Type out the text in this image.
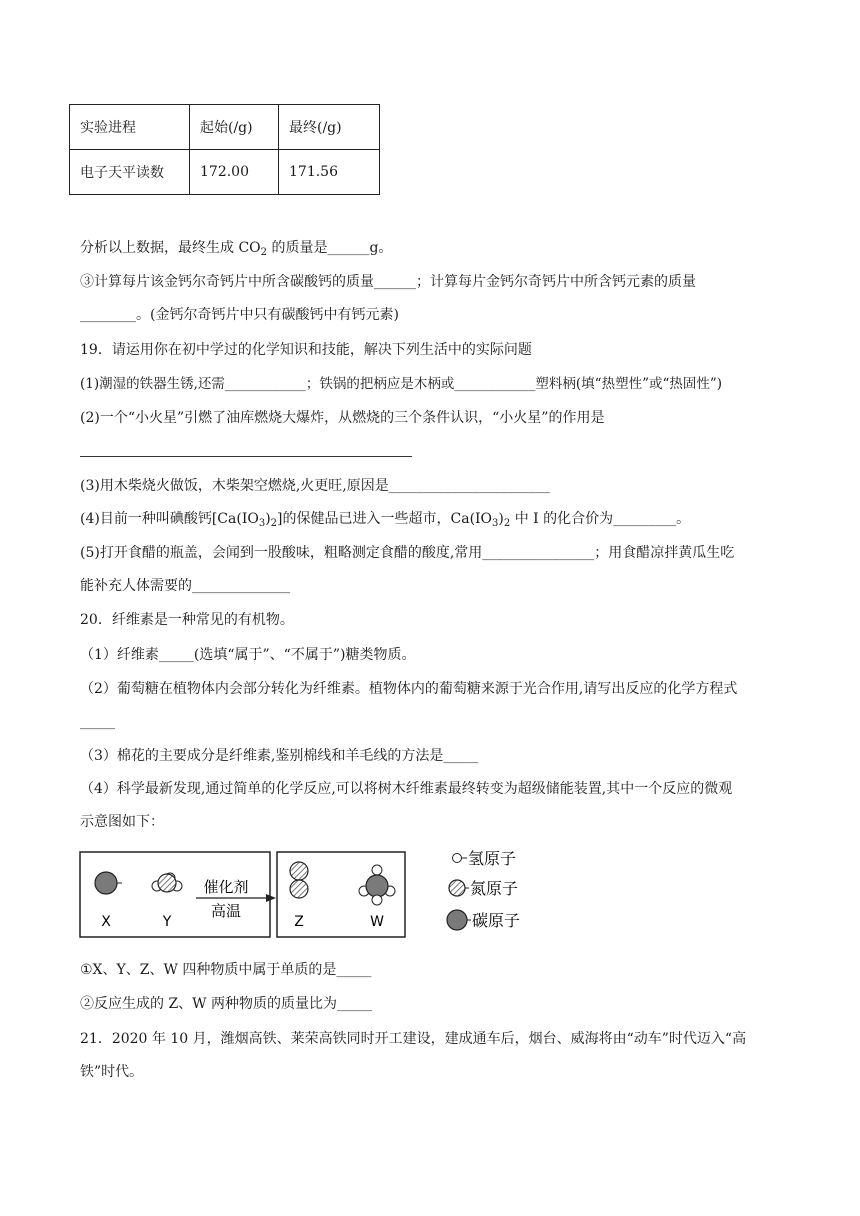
实验进程	起始(/g)	最终(/g)
电子天平读数	172.00	171.56
分析以上数据，最终生成 $CO_2$ 的质量是______g。
③计算每片该金钙尔奇钙片中所含碳酸钙的质量______；计算每片金钙尔奇钙片中所含钙元素的质量
________。(金钙尔奇钙片中只有碳酸钙中有钙元素)
19．请运用你在初中学过的化学知识和技能，解决下列生活中的实际问题
(1)潮湿的铁器生锈,还需____________；铁锅的把柄应是木柄或____________塑料柄(填“热塑性”或“热固性”)
(2)一个“小火星”引燃了油库燃烧大爆炸，从燃烧的三个条件认识，“小火星”的作用是
(3)用木柴烧火做饭，木柴架空燃烧,火更旺,原因是_______________________
(4)目前一种叫碘酸钙$[Ca(IO_3)_2]$的保健品已进入一些超市，$Ca(IO_3)_2$ 中 I 的化合价为_________。
(5)打开食醋的瓶盖，会闻到一股酸味，粗略测定食醋的酸度,常用________________；用食醋凉拌黄瓜生吃
能补充人体需要的______________
20．纤维素是一种常见的有机物。
（1）纤维素_____(选填“属于”、“不属于”)糖类物质。
（2）葡萄糖在植物体内会部分转化为纤维素。植物体内的葡萄糖来源于光合作用,请写出反应的化学方程式
_____
（3）棉花的主要成分是纤维素,鉴别棉线和羊毛线的方法是_____
（4）科学最新发现,通过简单的化学反应,可以将树木纤维素最终转变为超级储能装置,其中一个反应的微观
示意图如下：
X	Y
催化剂
高温
Z	W
氢原子
氮原子
碳原子
①X、Y、Z、W 四种物质中属于单质的是_____
②反应生成的 Z、W 两种物质的质量比为_____
21．2020 年 10 月，潍烟高铁、莱荣高铁同时开工建设，建成通车后，烟台、威海将由“动车”时代迈入“高
铁”时代。
